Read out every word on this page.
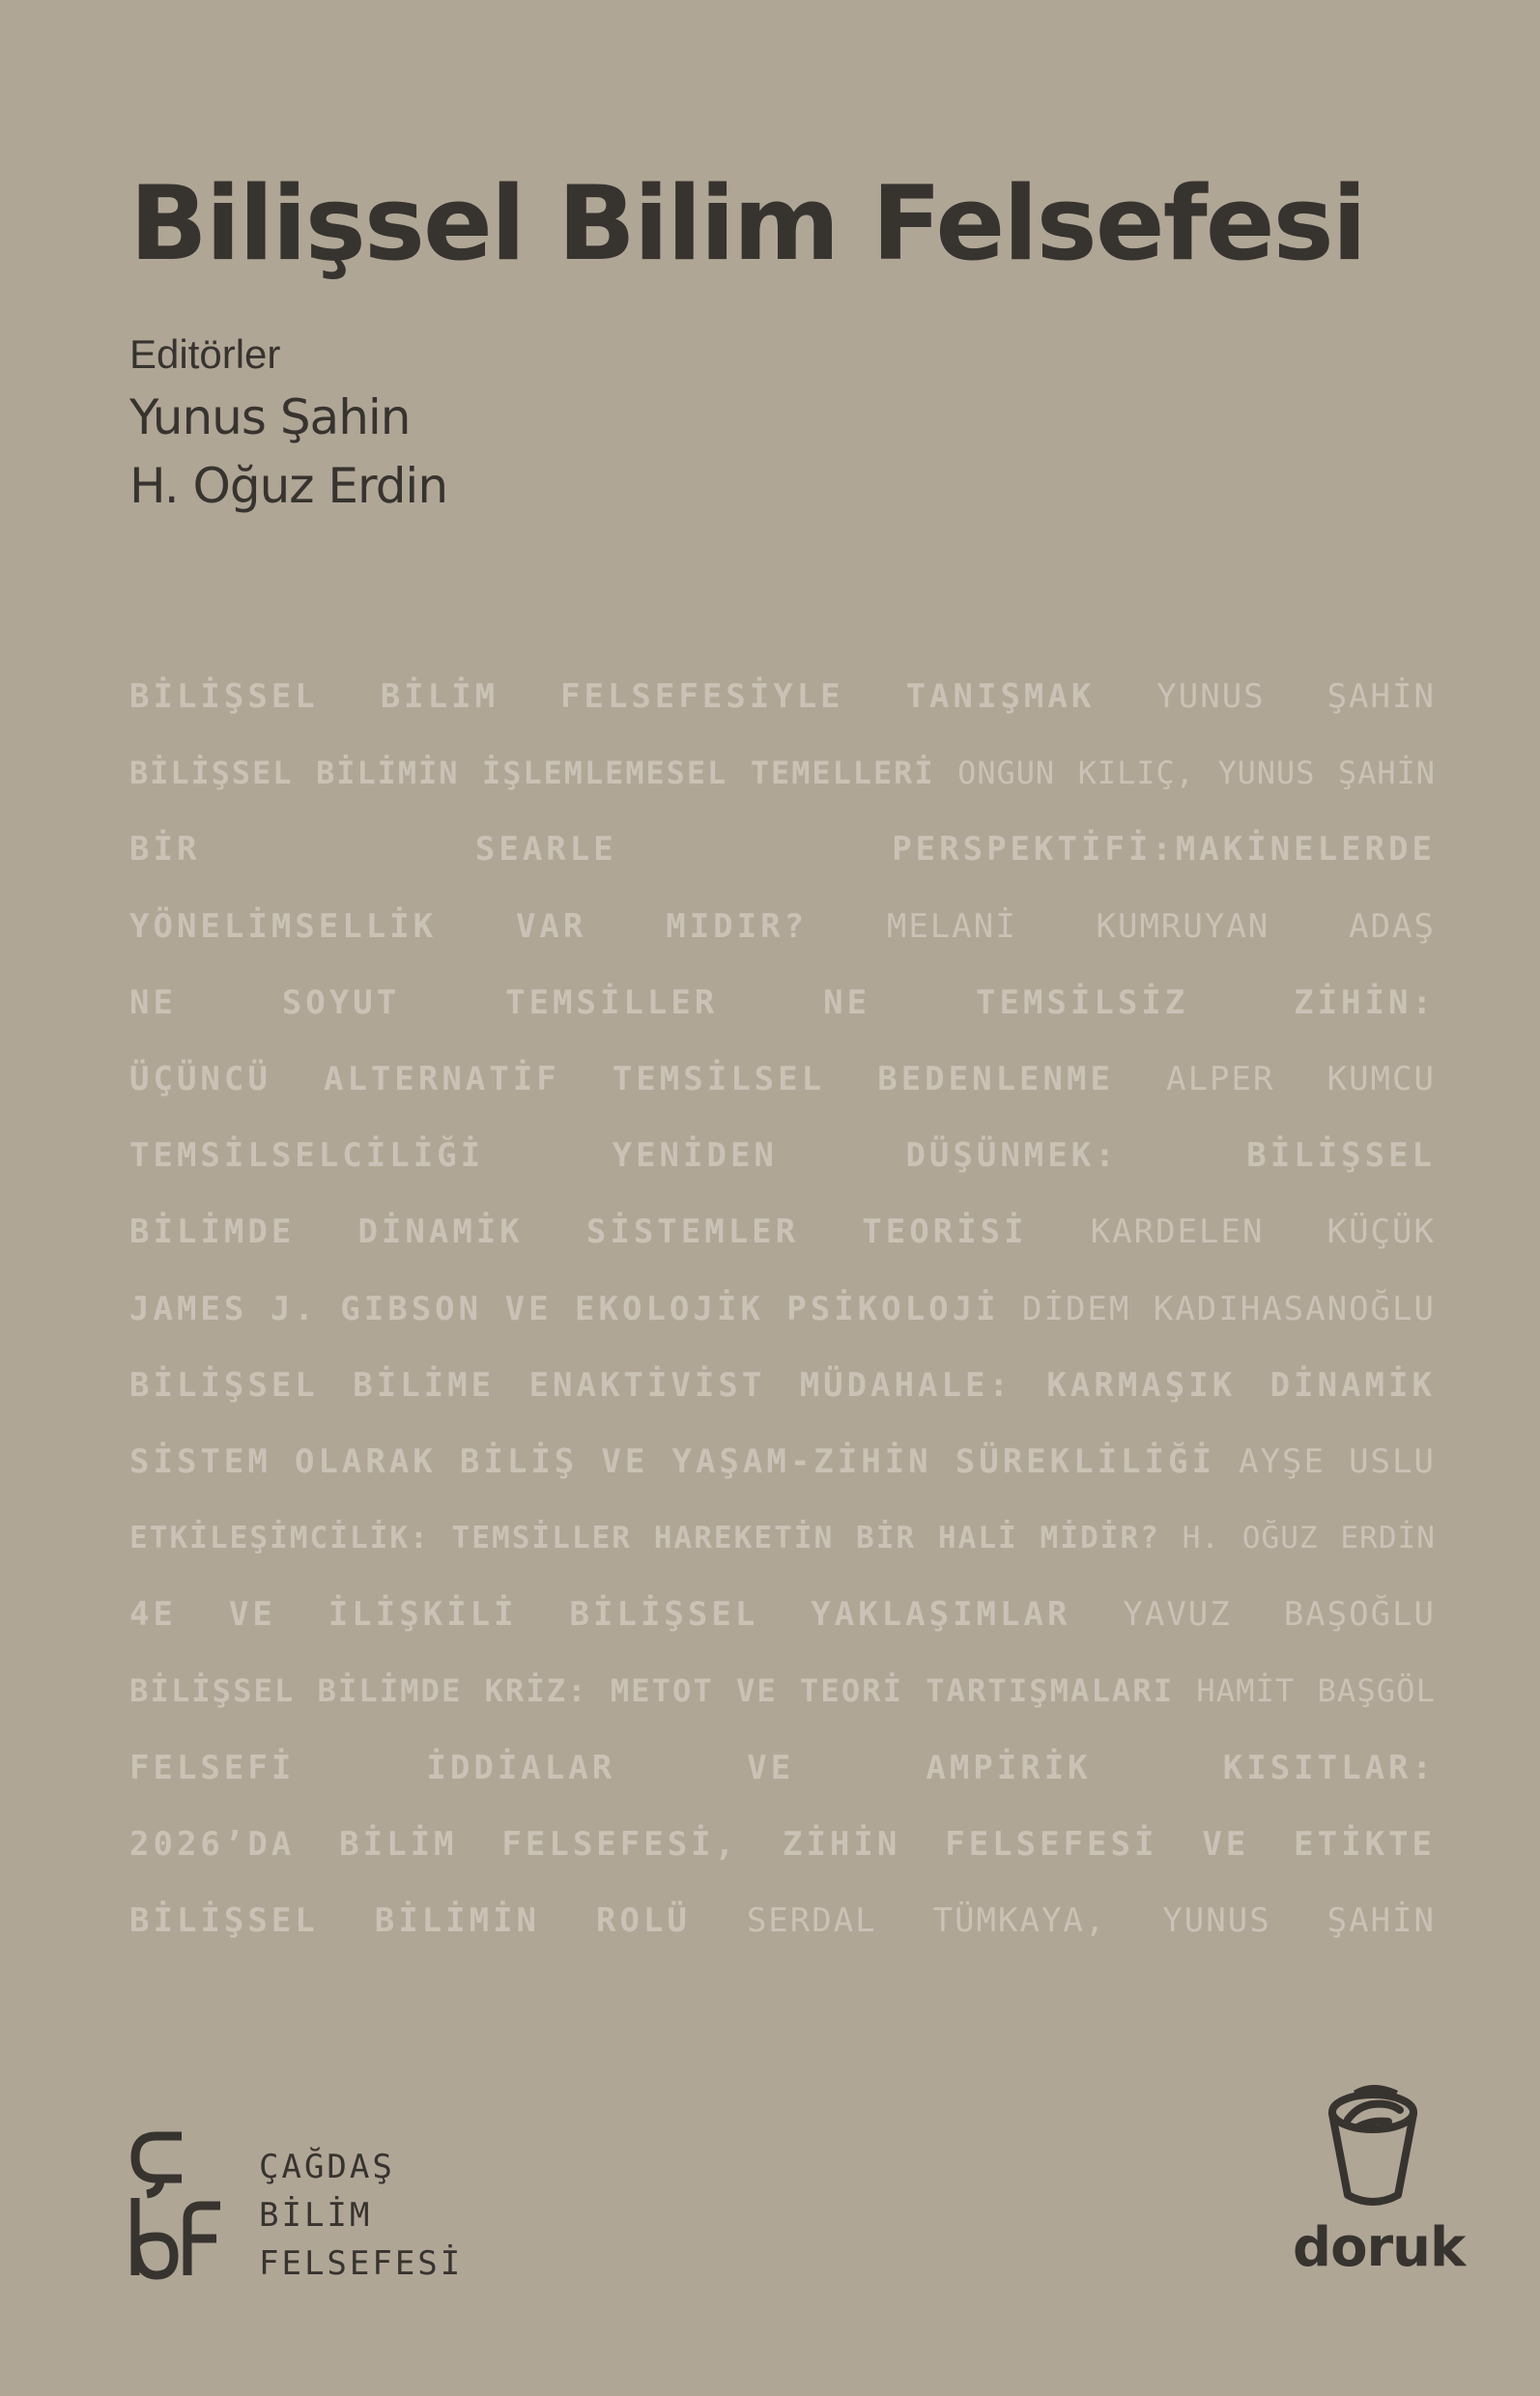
Bilişsel Bilim Felsefesi
Editörler
Yunus Şahin
H. Oğuz Erdin
BİLİŞSEL BİLİM FELSEFESİYLE TANIŞMAK YUNUS ŞAHİN
BİLİŞSEL BİLİMİN İŞLEMLEMESEL TEMELLERİ ONGUN KILIÇ, YUNUS ŞAHİN
BİR	SEARLE	PERSPEKTİFİ:MAKİNELERDE
YÖNELİMSELLİK VAR MIDIR? MELANİ KUMRUYAN ADAŞ
NE	SOYUT	TEMSİLLER	NE	TEMSİLSİZ	ZİHİN:
ÜÇÜNCÜ ALTERNATİF TEMSİLSEL BEDENLENME ALPER KUMCU
TEMSİLSELCİLİĞİ	YENİDEN	DÜŞÜNMEK:	BİLİŞSEL
BİLİMDE DİNAMİK SİSTEMLER TEORİSİ KARDELEN KÜÇÜK
JAMES J. GIBSON VE EKOLOJİK PSİKOLOJİ DİDEM KADIHASANOĞLU
BİLİŞSEL BİLİME ENAKTİVİST MÜDAHALE: KARMAŞIK DİNAMİK
SİSTEM OLARAK BİLİŞ VE YAŞAM-ZİHİN SÜREKLİLİĞİ AYŞE USLU
ETKİLEŞİMCİLİK: TEMSİLLER HAREKETİN BİR HALİ MİDİR? H. OĞUZ ERDİN
4E VE İLİŞKİLİ BİLİŞSEL YAKLAŞIMLAR YAVUZ BAŞOĞLU
BİLİŞSEL BİLİMDE KRİZ: METOT VE TEORİ TARTIŞMALARI HAMİT BAŞGÖL
FELSEFİ	İDDİALAR	VE	AMPİRİK	KISITLAR:
2026’DA BİLİM FELSEFESİ, ZİHİN FELSEFESİ VE ETİKTE
BİLİŞSEL BİLİMİN ROLÜ SERDAL TÜMKAYA, YUNUS ŞAHİN
ÇAĞDAŞ
BİLİM
FELSEFESİ	doruk
